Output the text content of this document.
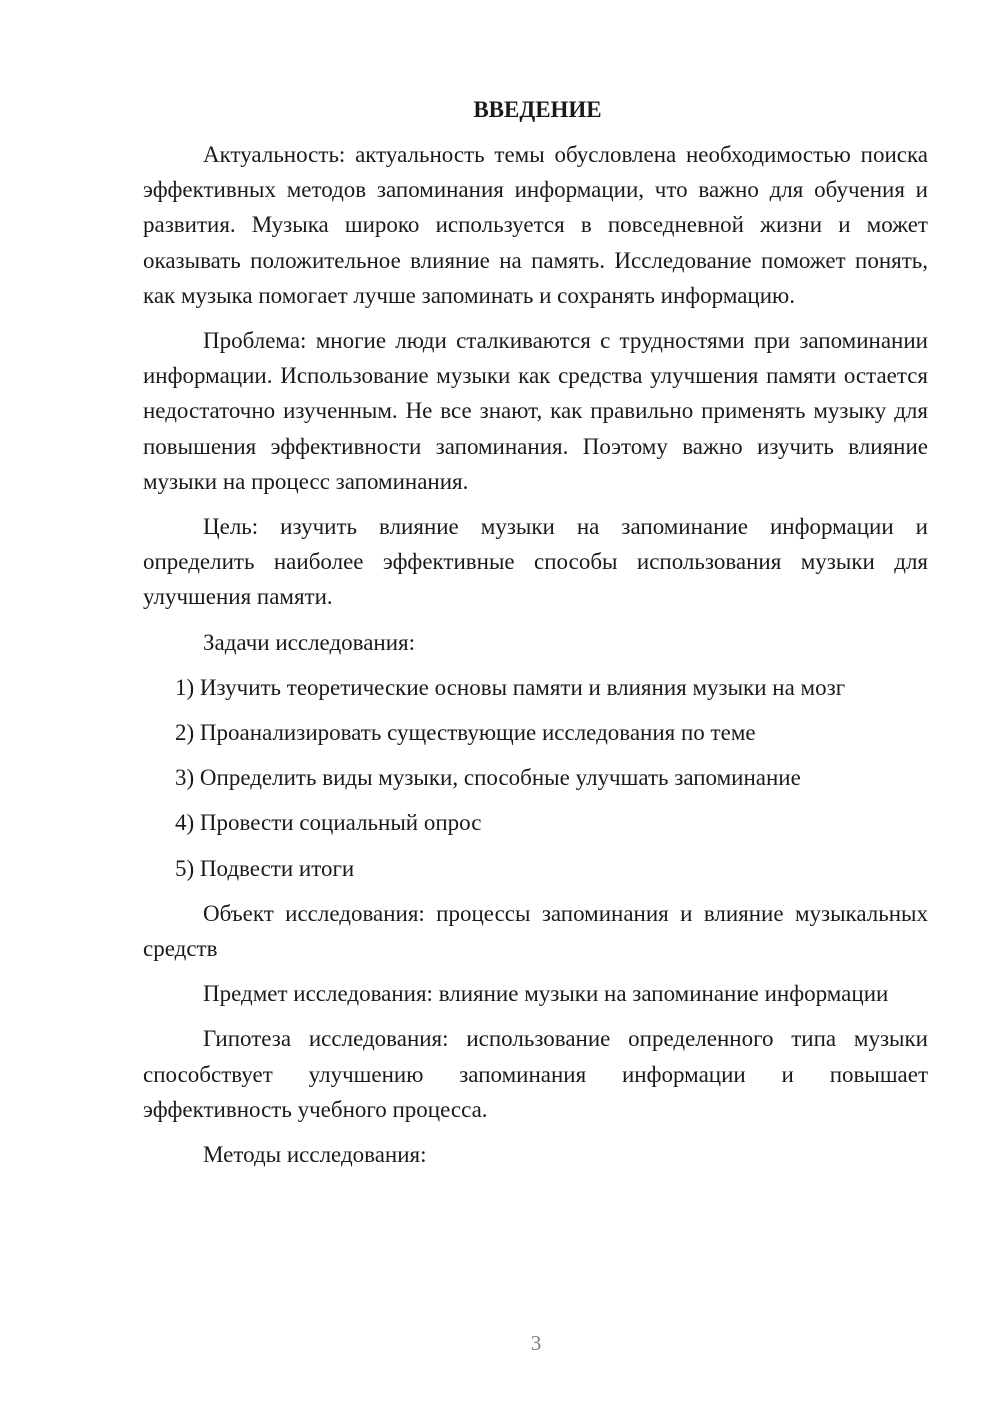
ВВЕДЕНИЕ

Актуальность: актуальность темы обусловлена необходимостью поиска эффективных методов запоминания информации, что важно для обучения и развития. Музыка широко используется в повседневной жизни и может оказывать положительное влияние на память. Исследование поможет понять, как музыка помогает лучше запоминать и сохранять информацию.

Проблема: многие люди сталкиваются с трудностями при запоминании информации. Использование музыки как средства улучшения памяти остается недостаточно изученным. Не все знают, как правильно применять музыку для повышения эффективности запоминания. Поэтому важно изучить влияние музыки на процесс запоминания.

Цель: изучить влияние музыки на запоминание информации и определить наиболее эффективные способы использования музыки для улучшения памяти.

Задачи исследования:

1) Изучить теоретические основы памяти и влияния музыки на мозг

2) Проанализировать существующие исследования по теме

3) Определить виды музыки, способные улучшать запоминание

4) Провести социальный опрос

5) Подвести итоги

Объект исследования: процессы запоминания и влияние музыкальных средств

Предмет исследования: влияние музыки на запоминание информации

Гипотеза исследования: использование определенного типа музыки способствует улучшению запоминания информации и повышает эффективность учебного процесса.

Методы исследования:

3
